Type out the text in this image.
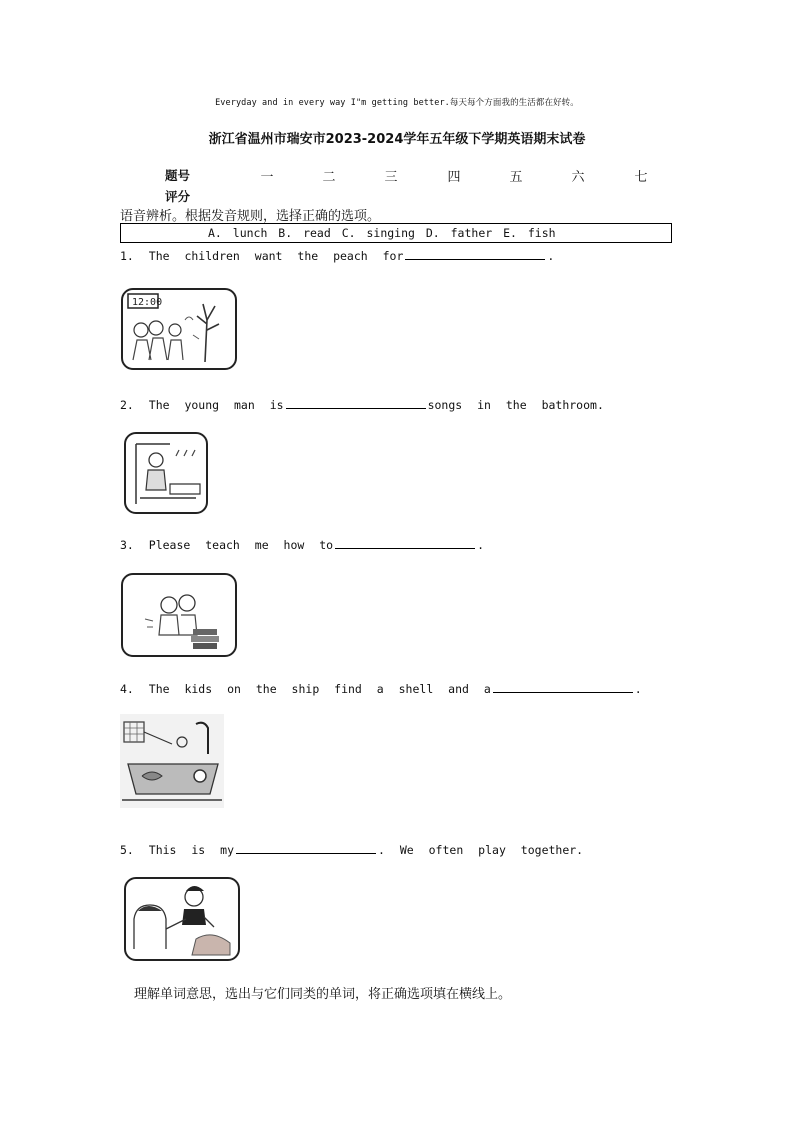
Everyday and in every way I"m getting better.每天每个方面我的生活都在好转。
浙江省温州市瑞安市2023-2024学年五年级下学期英语期末试卷
题号	一	二	三	四	五	六	七
评分
语音辨析。根据发音规则，选择正确的选项。
A. lunch B. read C. singing D. father E. fish
1. The children want the peach for	.
12:00
2. The young man is	songs in the bathroom.
3. Please teach me how to	.
4. The kids on the ship find a shell and a	.
5. This is my	. We often play together.
理解单词意思，选出与它们同类的单词，将正确选项填在横线上。
